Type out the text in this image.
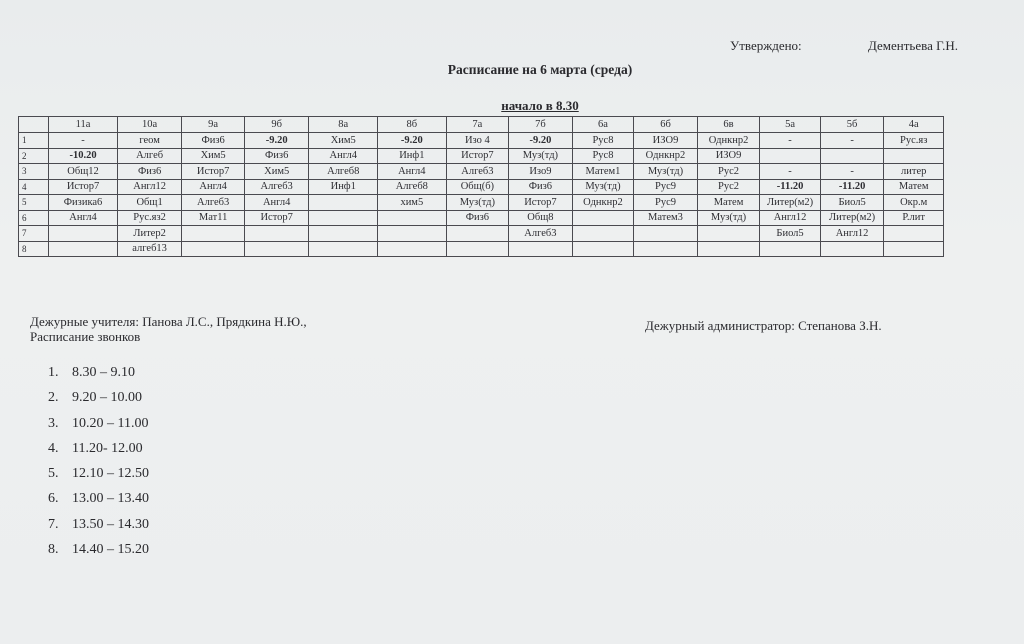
Утверждено:	Дементьева Г.Н.
Расписание на 6 марта (среда)
начало в 8.30
	11а	10а	9а	9б	8а	8б	7а	7б	6а	6б	6в	5а	5б	4а
1	-	геом	Физ6	-9.20	Хим5	-9.20	Изо 4	-9.20	Рус8	ИЗО9	Однкнр2	-	-	Рус.яз
2	-10.20	Алгеб	Хим5	Физ6	Англ4	Инф1	Истор7	Муз(тд)	Рус8	Однкнр2	ИЗО9			
3	Общ12	Физ6	Истор7	Хим5	Алгеб8	Англ4	Алгеб3	Изо9	Матем1	Муз(тд)	Рус2	-	-	литер
4	Истор7	Англ12	Англ4	Алгеб3	Инф1	Алгеб8	Общ(б)	Физ6	Муз(тд)	Рус9	Рус2	-11.20	-11.20	Матем
5	Физика6	Общ1	Алгеб3	Англ4		хим5	Муз(тд)	Истор7	Однкнр2	Рус9	Матем	Литер(м2)	Биол5	Окр.м
6	Англ4	Рус.яз2	Мат11	Истор7			Физ6	Общ8		Матем3	Муз(тд)	Англ12	Литер(м2)	Р.лит
7		Литер2						Алгеб3				Биол5	Англ12	
8		алгеб13												
Дежурные учителя: Панова Л.С., Прядкина Н.Ю.,
Расписание звонков
Дежурный администратор: Степанова З.Н.
1. 8.30 – 9.10
2. 9.20 – 10.00
3. 10.20 – 11.00
4. 11.20- 12.00
5. 12.10 – 12.50
6. 13.00 – 13.40
7. 13.50 – 14.30
8. 14.40 – 15.20
